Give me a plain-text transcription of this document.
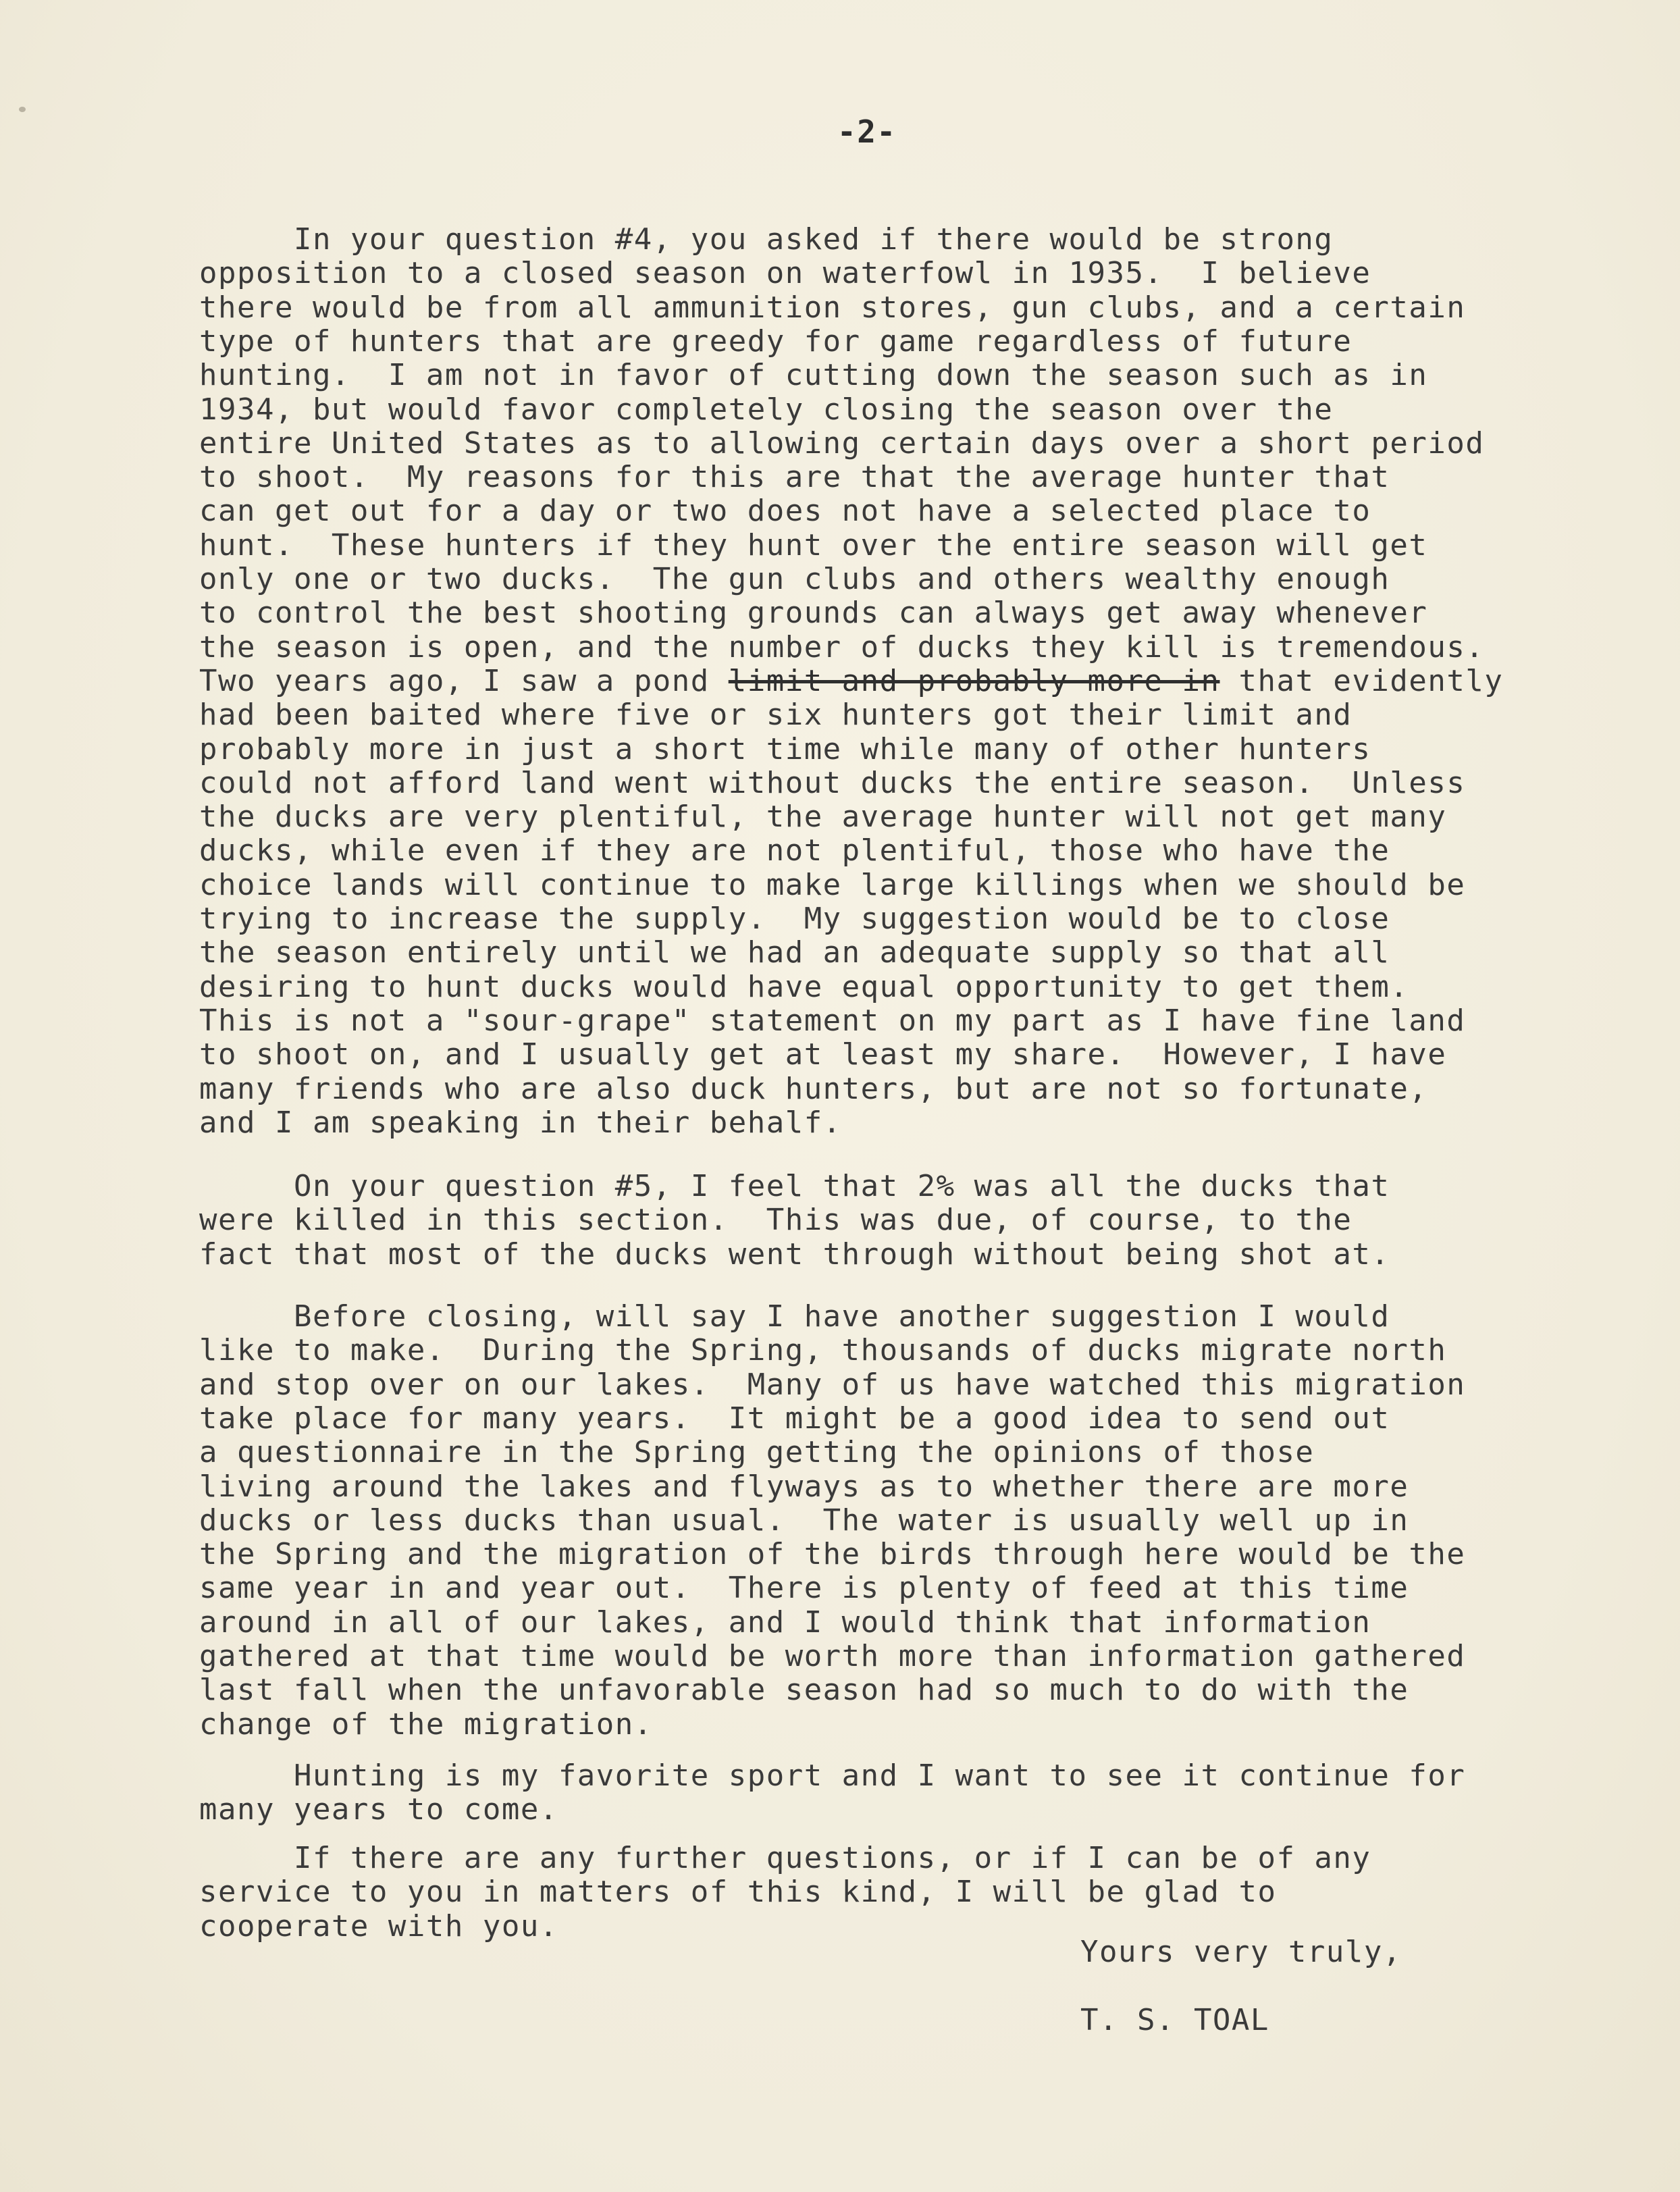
-2-
In your question #4, you asked if there would be strong
opposition to a closed season on waterfowl in 1935.  I believe
there would be from all ammunition stores, gun clubs, and a certain
type of hunters that are greedy for game regardless of future
hunting.  I am not in favor of cutting down the season such as in
1934, but would favor completely closing the season over the
entire United States as to allowing certain days over a short period
to shoot.  My reasons for this are that the average hunter that
can get out for a day or two does not have a selected place to
hunt.  These hunters if they hunt over the entire season will get
only one or two ducks.  The gun clubs and others wealthy enough
to control the best shooting grounds can always get away whenever
the season is open, and the number of ducks they kill is tremendous.
Two years ago, I saw a pond limit and probably more in that evidently
had been baited where five or six hunters got their limit and
probably more in just a short time while many of other hunters
could not afford land went without ducks the entire season.  Unless
the ducks are very plentiful, the average hunter will not get many
ducks, while even if they are not plentiful, those who have the
choice lands will continue to make large killings when we should be
trying to increase the supply.  My suggestion would be to close
the season entirely until we had an adequate supply so that all
desiring to hunt ducks would have equal opportunity to get them.
This is not a "sour-grape" statement on my part as I have fine land
to shoot on, and I usually get at least my share.  However, I have
many friends who are also duck hunters, but are not so fortunate,
and I am speaking in their behalf.
On your question #5, I feel that 2% was all the ducks that
were killed in this section.  This was due, of course, to the
fact that most of the ducks went through without being shot at.
Before closing, will say I have another suggestion I would
like to make.  During the Spring, thousands of ducks migrate north
and stop over on our lakes.  Many of us have watched this migration
take place for many years.  It might be a good idea to send out
a questionnaire in the Spring getting the opinions of those
living around the lakes and flyways as to whether there are more
ducks or less ducks than usual.  The water is usually well up in
the Spring and the migration of the birds through here would be the
same year in and year out.  There is plenty of feed at this time
around in all of our lakes, and I would think that information
gathered at that time would be worth more than information gathered
last fall when the unfavorable season had so much to do with the
change of the migration.
Hunting is my favorite sport and I want to see it continue for
many years to come.
If there are any further questions, or if I can be of any
service to you in matters of this kind, I will be glad to
cooperate with you.
Yours very truly,
T. S. TOAL
